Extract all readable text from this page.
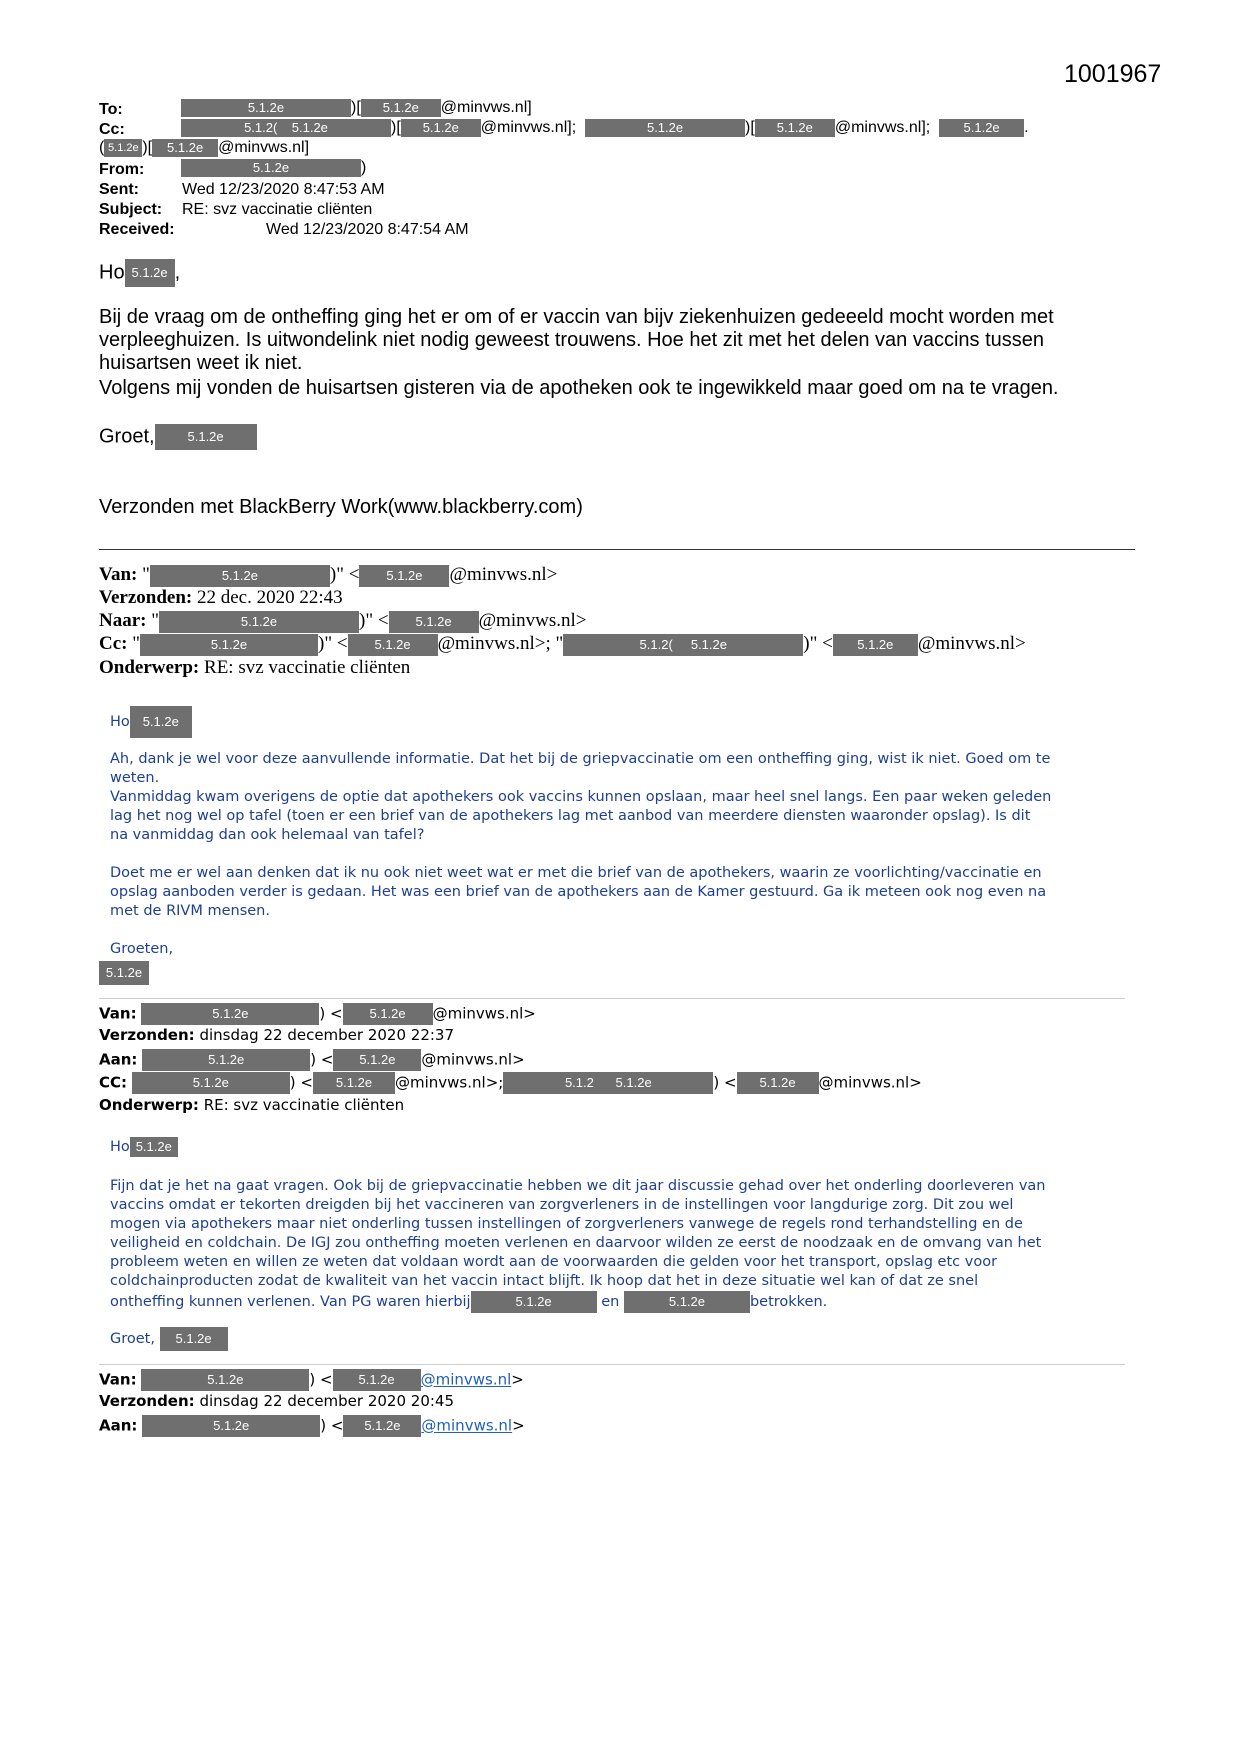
1001967
To:	5.1.2e	)[ 5.1.2e @minvws.nl]
Cc:	5.1.2( 5.1.2e	)[ 5.1.2e @minvws.nl];	5.1.2e	)[ 5.1.2e @minvws.nl];  5.1.2e .
( 5.1.2e )[ 5.1.2e @minvws.nl]
From:	5.1.2e	)
Sent:	Wed 12/23/2020 8:47:53 AM
Subject: RE: svz vaccinatie cliënten
Received:	Wed 12/23/2020 8:47:54 AM
Ho 5.1.2e ,
Bij de vraag om de ontheffing ging het er om of er vaccin van bijv ziekenhuizen gedeeeld mocht worden met
verpleeghuizen. Is uitwondelink niet nodig geweest trouwens. Hoe het zit met het delen van vaccins tussen
huisartsen weet ik niet.
Volgens mij vonden de huisartsen gisteren via de apotheken ook te ingewikkeld maar goed om na te vragen.
Groet,	5.1.2e
Verzonden met BlackBerry Work(www.blackberry.com)
Van: "	5.1.2e	)" < 5.1.2e @minvws.nl>
Verzonden: 22 dec. 2020 22:43
Naar: "	5.1.2e	)" < 5.1.2e @minvws.nl>
Cc: "	5.1.2e	)" < 5.1.2e @minvws.nl>; "	5.1.2( 5.1.2e	)" < 5.1.2e @minvws.nl>
Onderwerp: RE: svz vaccinatie cliënten
Ho 5.1.2e
Ah, dank je wel voor deze aanvullende informatie. Dat het bij de griepvaccinatie om een ontheffing ging, wist ik niet. Goed om te
weten.
Vanmiddag kwam overigens de optie dat apothekers ook vaccins kunnen opslaan, maar heel snel langs. Een paar weken geleden
lag het nog wel op tafel (toen er een brief van de apothekers lag met aanbod van meerdere diensten waaronder opslag). Is dit
na vanmiddag dan ook helemaal van tafel?
Doet me er wel aan denken dat ik nu ook niet weet wat er met die brief van de apothekers, waarin ze voorlichting/vaccinatie en
opslag aanboden verder is gedaan. Het was een brief van de apothekers aan de Kamer gestuurd. Ga ik meteen ook nog even na
met de RIVM mensen.
Groeten,
5.1.2e
Van:	5.1.2e	) < 5.1.2e @minvws.nl>
Verzonden: dinsdag 22 december 2020 22:37
Aan:	5.1.2e	) < 5.1.2e @minvws.nl>
CC:	5.1.2e	) < 5.1.2e @minvws.nl>;	5.1.2 5.1.2e	) < 5.1.2e @minvws.nl>
Onderwerp: RE: svz vaccinatie cliënten
Ho 5.1.2e
Fijn dat je het na gaat vragen. Ook bij de griepvaccinatie hebben we dit jaar discussie gehad over het onderling doorleveren van
vaccins omdat er tekorten dreigden bij het vaccineren van zorgverleners in de instellingen voor langdurige zorg. Dit zou wel
mogen via apothekers maar niet onderling tussen instellingen of zorgverleners vanwege de regels rond terhandstelling en de
veiligheid en coldchain. De IGJ zou ontheffing moeten verlenen en daarvoor wilden ze eerst de noodzaak en de omvang van het
probleem weten en willen ze weten dat voldaan wordt aan de voorwaarden die gelden voor het transport, opslag etc voor
coldchainproducten zodat de kwaliteit van het vaccin intact blijft. Ik hoop dat het in deze situatie wel kan of dat ze snel
ontheffing kunnen verlenen. Van PG waren hierbij	5.1.2e	en	5.1.2e	betrokken.
Groet, 5.1.2e
Van:	5.1.2e	) < 5.1.2e @minvws.nl>
Verzonden: dinsdag 22 december 2020 20:45
Aan:	5.1.2e	) < 5.1.2e @minvws.nl>
